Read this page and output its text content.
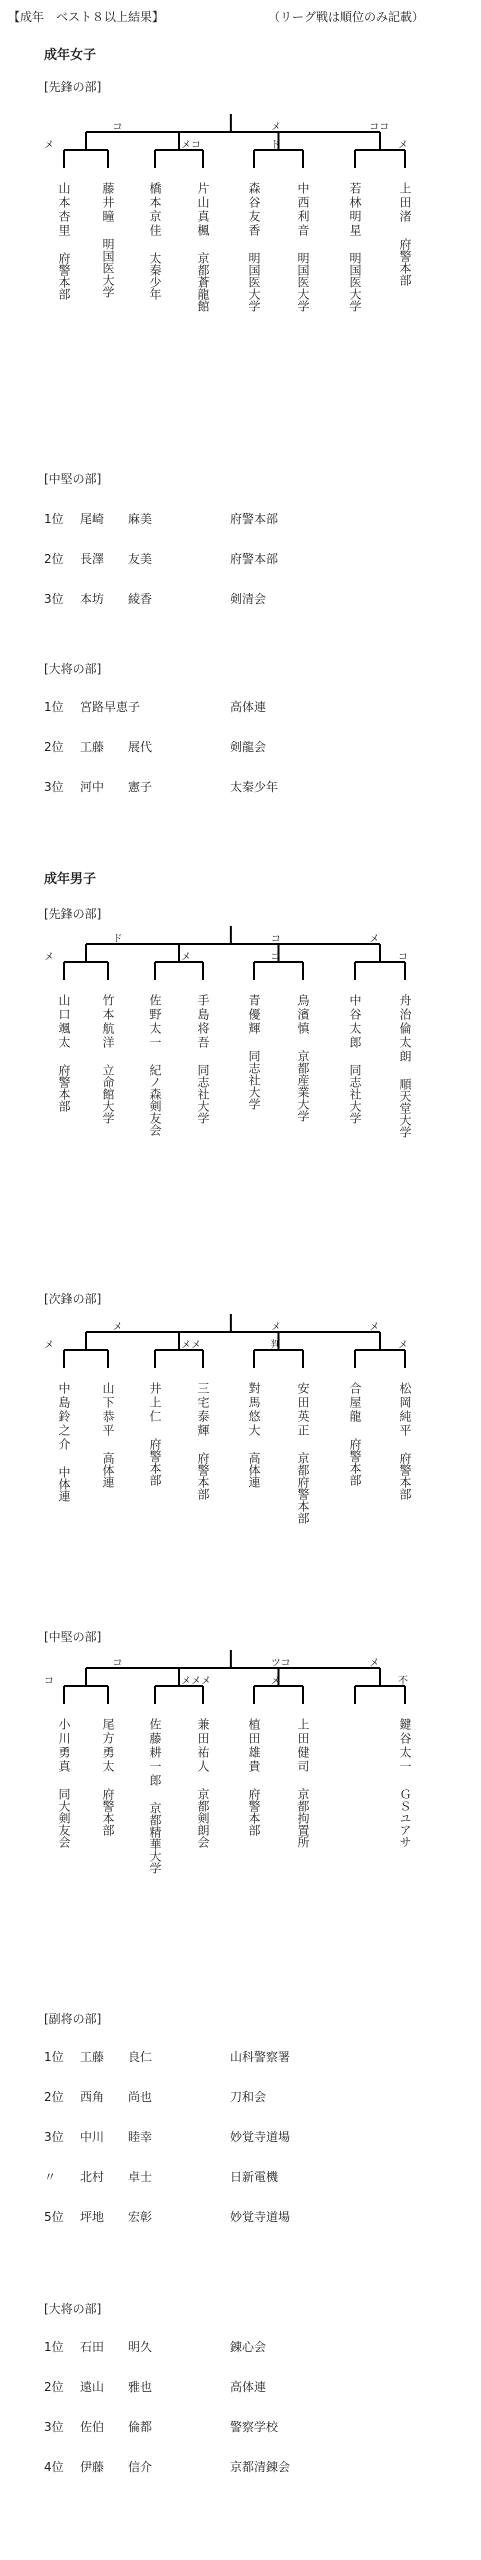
【成年　ベスト８以上結果】	（リーグ戦は順位のみ記載）
成年女子
[先鋒の部]
[中堅の部]
[大将の部]
成年男子
[先鋒の部]
[次鋒の部]
[中堅の部]
[副将の部]
[大将の部]
メ
コ
メコ
メ
ド
ココ
メ
山本杏里
府警本部
藤井瞳
明国医大学
橋本京佳
太秦少年
片山真楓
京都蒼龍館
森谷友香
明国医大学
中西利音
明国医大学
若林明星
明国医大学
上田渚
府警本部
メ
ド
メ
コ
コ
メ
コ
山口颯太
府警本部
竹本航洋
立命館大学
佐野太一
紀ノ森剣友会
手島将吾
同志社大学
青優輝
同志社大学
鳥濱慎
京都産業大学
中谷太郎
同志社大学
舟治倫太朗
順天堂大学
メ
メ
メメ
メ
判
メ
メ
中島鈴之介
中体連
山下恭平
高体連
井上仁
府警本部
三宅泰輝
府警本部
對馬悠大
高体連
安田英正
京都府警本部
合屋龍
府警本部
松岡純平
府警本部
コ
コ
メメメ
ツコ
メ
メ
不
小川勇真
同大剣友会
尾方勇太
府警本部
佐藤耕一郎
京都精華大学
兼田祐人
京都剣朗会
植田雄貴
府警本部
上田健司
京都拘置所
鍵谷太一
ＧＳユアサ
1位 尾崎 麻美	府警本部
2位 長澤 友美	府警本部
3位 本坊 綾香	剣清会
1位 宮路早恵子	高体連
2位 工藤 展代	剣龍会
3位 河中 憲子	太秦少年
1位 工藤 良仁	山科警察署
2位 西角 尚也	刀和会
3位 中川 睦幸	妙覚寺道場
〃 北村 卓士	日新電機
5位 坪地 宏彰	妙覚寺道場
1位 石田 明久	錬心会
2位 遠山 雅也	高体連
3位 佐伯 倫都	警察学校
4位 伊藤 信介	京都清錬会
